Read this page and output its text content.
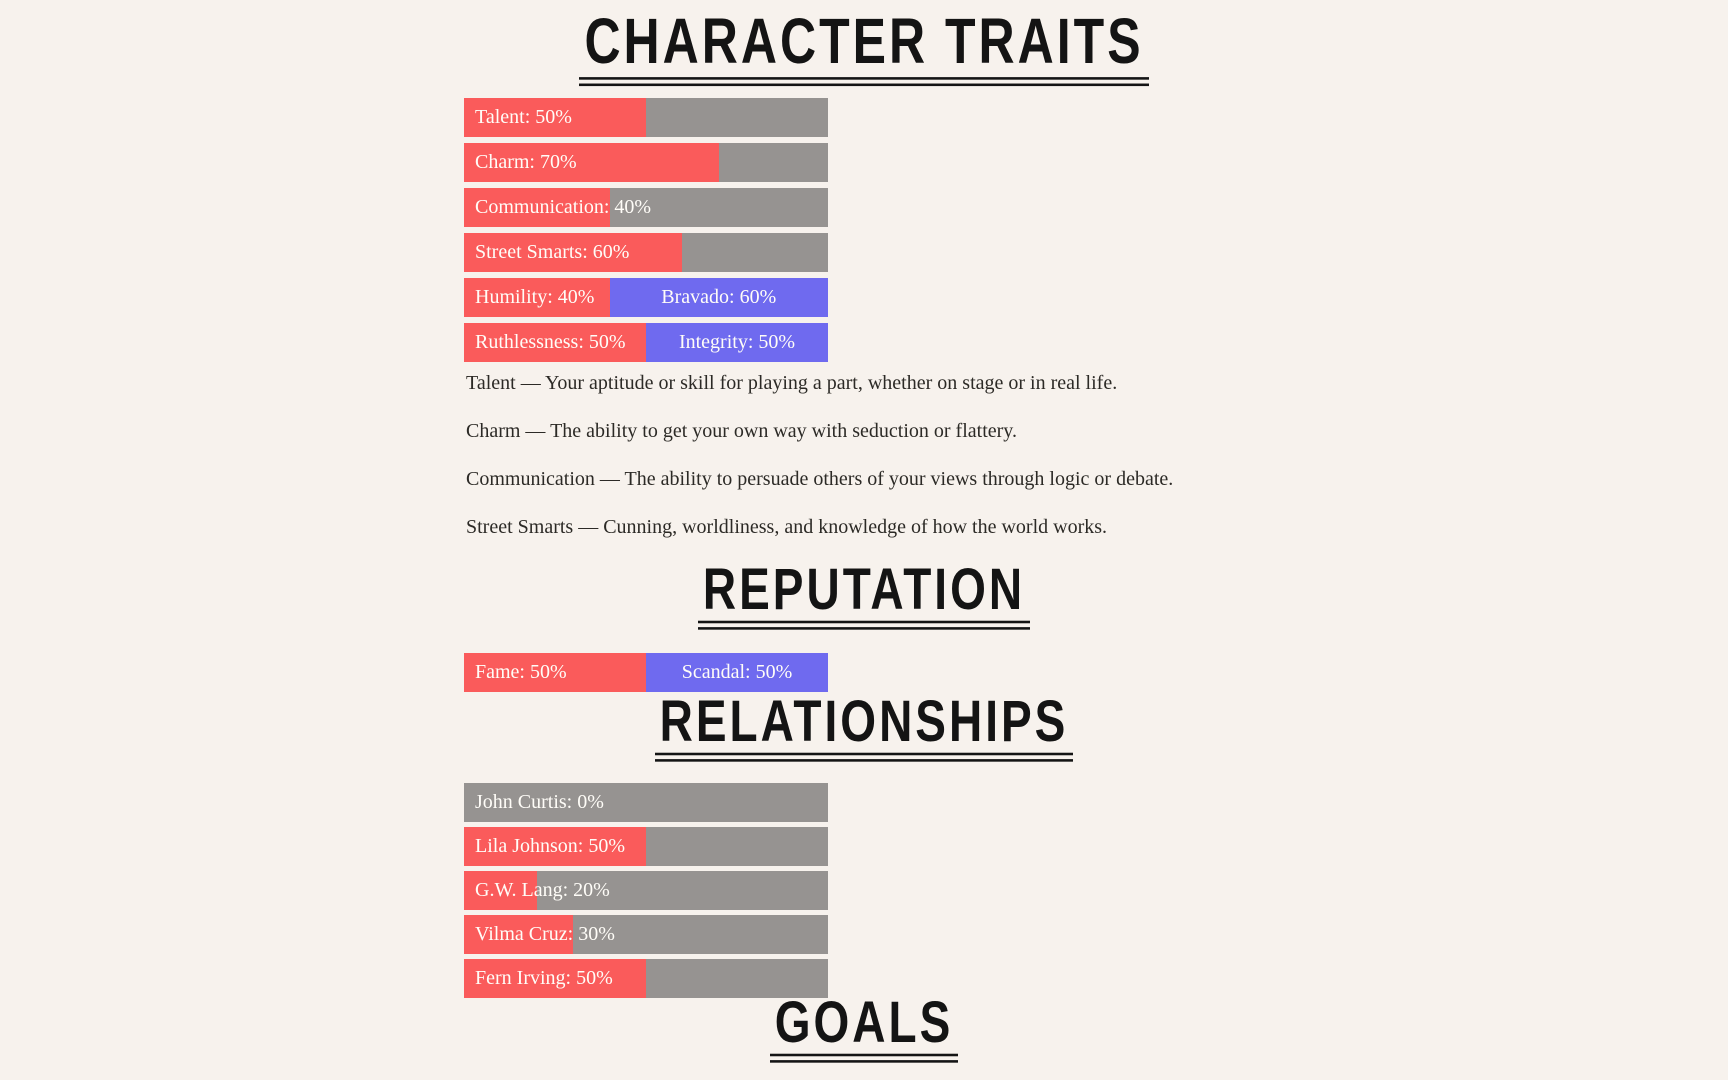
CHARACTER TRAITS
Talent: 50%
Charm: 70%
Communication: 40%
Street Smarts: 60%
Humility: 40%	Bravado: 60%
Ruthlessness: 50%	Integrity: 50%

Talent — Your aptitude or skill for playing a part, whether on stage or in real life.

Charm — The ability to get your own way with seduction or flattery.

Communication — The ability to persuade others of your views through logic or debate.

Street Smarts — Cunning, worldliness, and knowledge of how the world works.

REPUTATION
Fame: 50%	Scandal: 50%
RELATIONSHIPS
John Curtis: 0%
Lila Johnson: 50%
G.W. Lang: 20%
Vilma Cruz: 30%
Fern Irving: 50%
GOALS
